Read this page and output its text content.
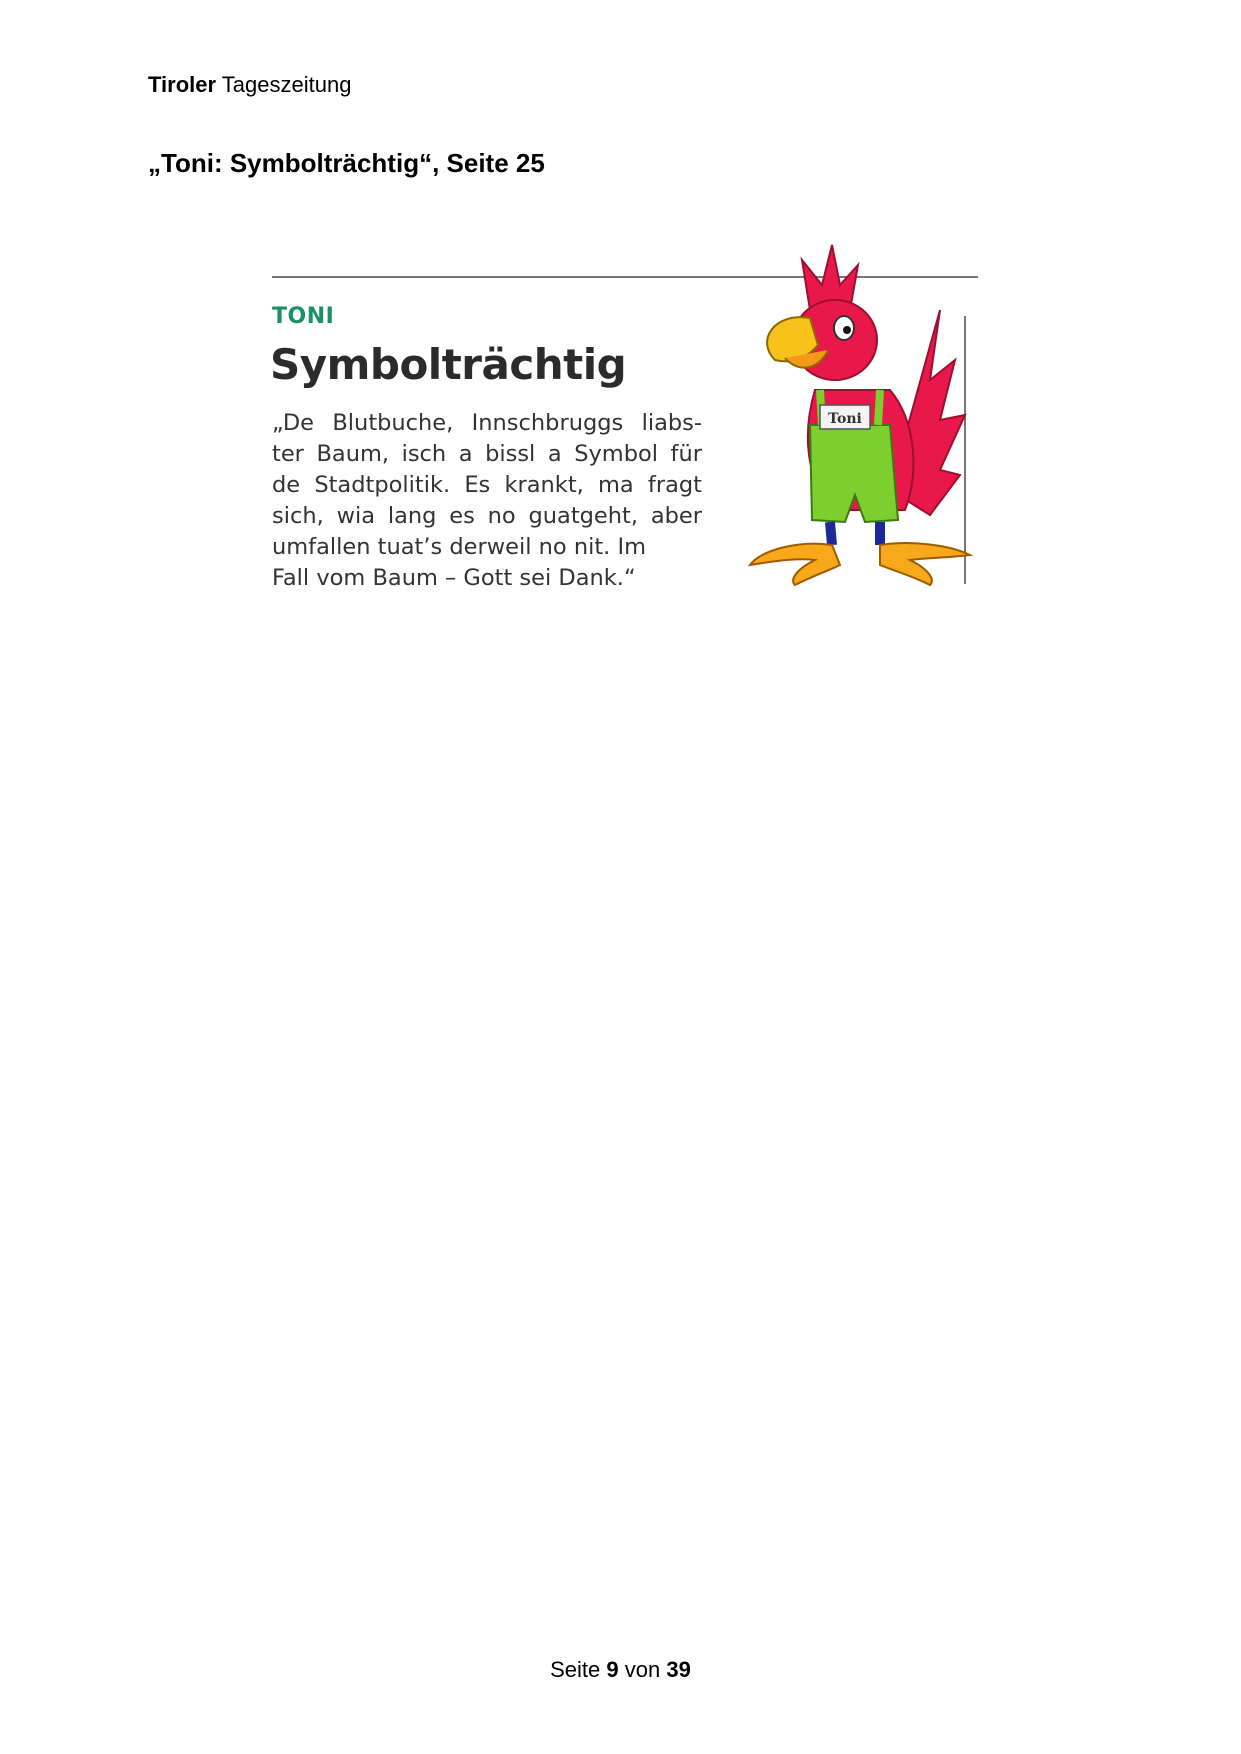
Tiroler Tageszeitung
„Toni: Symbolträchtig“, Seite 25
TONI
Symbolträchtig

„De Blutbuche, Innschbruggs liabs-
ter Baum, isch a bissl a Symbol für
de Stadtpolitik. Es krankt, ma fragt
sich, wia lang es no guatgeht, aber
umfallen tuat’s derweil no nit. Im
Fall vom Baum – Gott sei Dank.“

Toni
Seite 9 von 39
